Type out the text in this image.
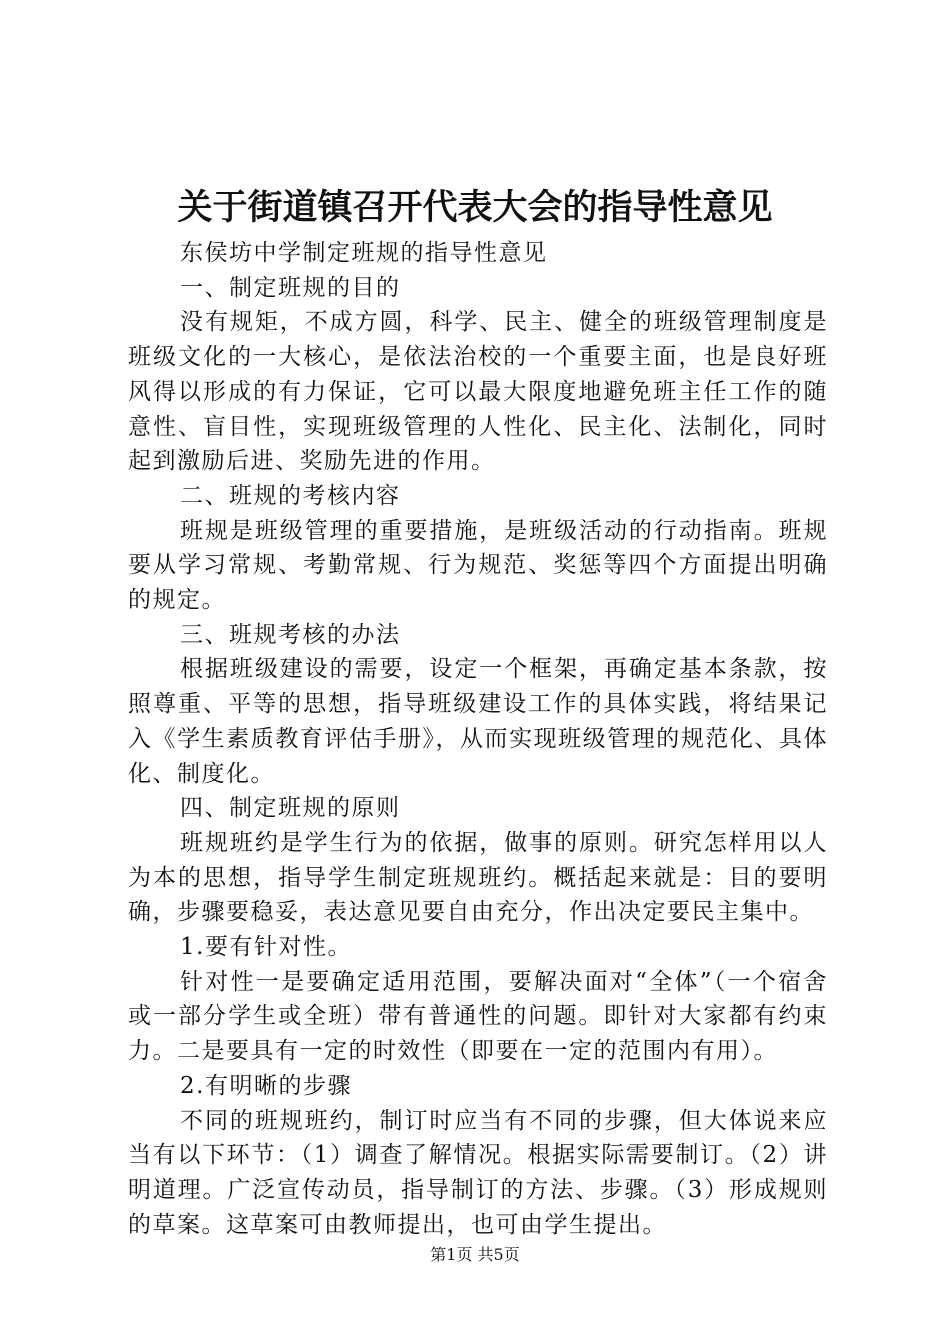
关于街道镇召开代表大会的指导性意见

东侯坊中学制定班规的指导性意见

一、制定班规的目的

没有规矩，不成方圆，科学、民主、健全的班级管理制度是班级文化的一大核心，是依法治校的一个重要主面，也是良好班风得以形成的有力保证，它可以最大限度地避免班主任工作的随意性、盲目性，实现班级管理的人性化、民主化、法制化，同时起到激励后进、奖励先进的作用。

二、班规的考核内容

班规是班级管理的重要措施，是班级活动的行动指南。班规要从学习常规、考勤常规、行为规范、奖惩等四个方面提出明确的规定。

三、班规考核的办法

根据班级建设的需要，设定一个框架，再确定基本条款，按照尊重、平等的思想，指导班级建设工作的具体实践，将结果记入《学生素质教育评估手册》，从而实现班级管理的规范化、具体化、制度化。

四、制定班规的原则

班规班约是学生行为的依据，做事的原则。研究怎样用以人为本的思想，指导学生制定班规班约。概括起来就是：目的要明确，步骤要稳妥，表达意见要自由充分，作出决定要民主集中。

1.要有针对性。

针对性一是要确定适用范围，要解决面对“全体”（一个宿舍或一部分学生或全班）带有普通性的问题。即针对大家都有约束力。二是要具有一定的时效性（即要在一定的范围内有用）。

2.有明晰的步骤

不同的班规班约，制订时应当有不同的步骤，但大体说来应当有以下环节：（1）调查了解情况。根据实际需要制订。（2）讲明道理。广泛宣传动员，指导制订的方法、步骤。（3）形成规则的草案。这草案可由教师提出，也可由学生提出。

第1页 共5页
